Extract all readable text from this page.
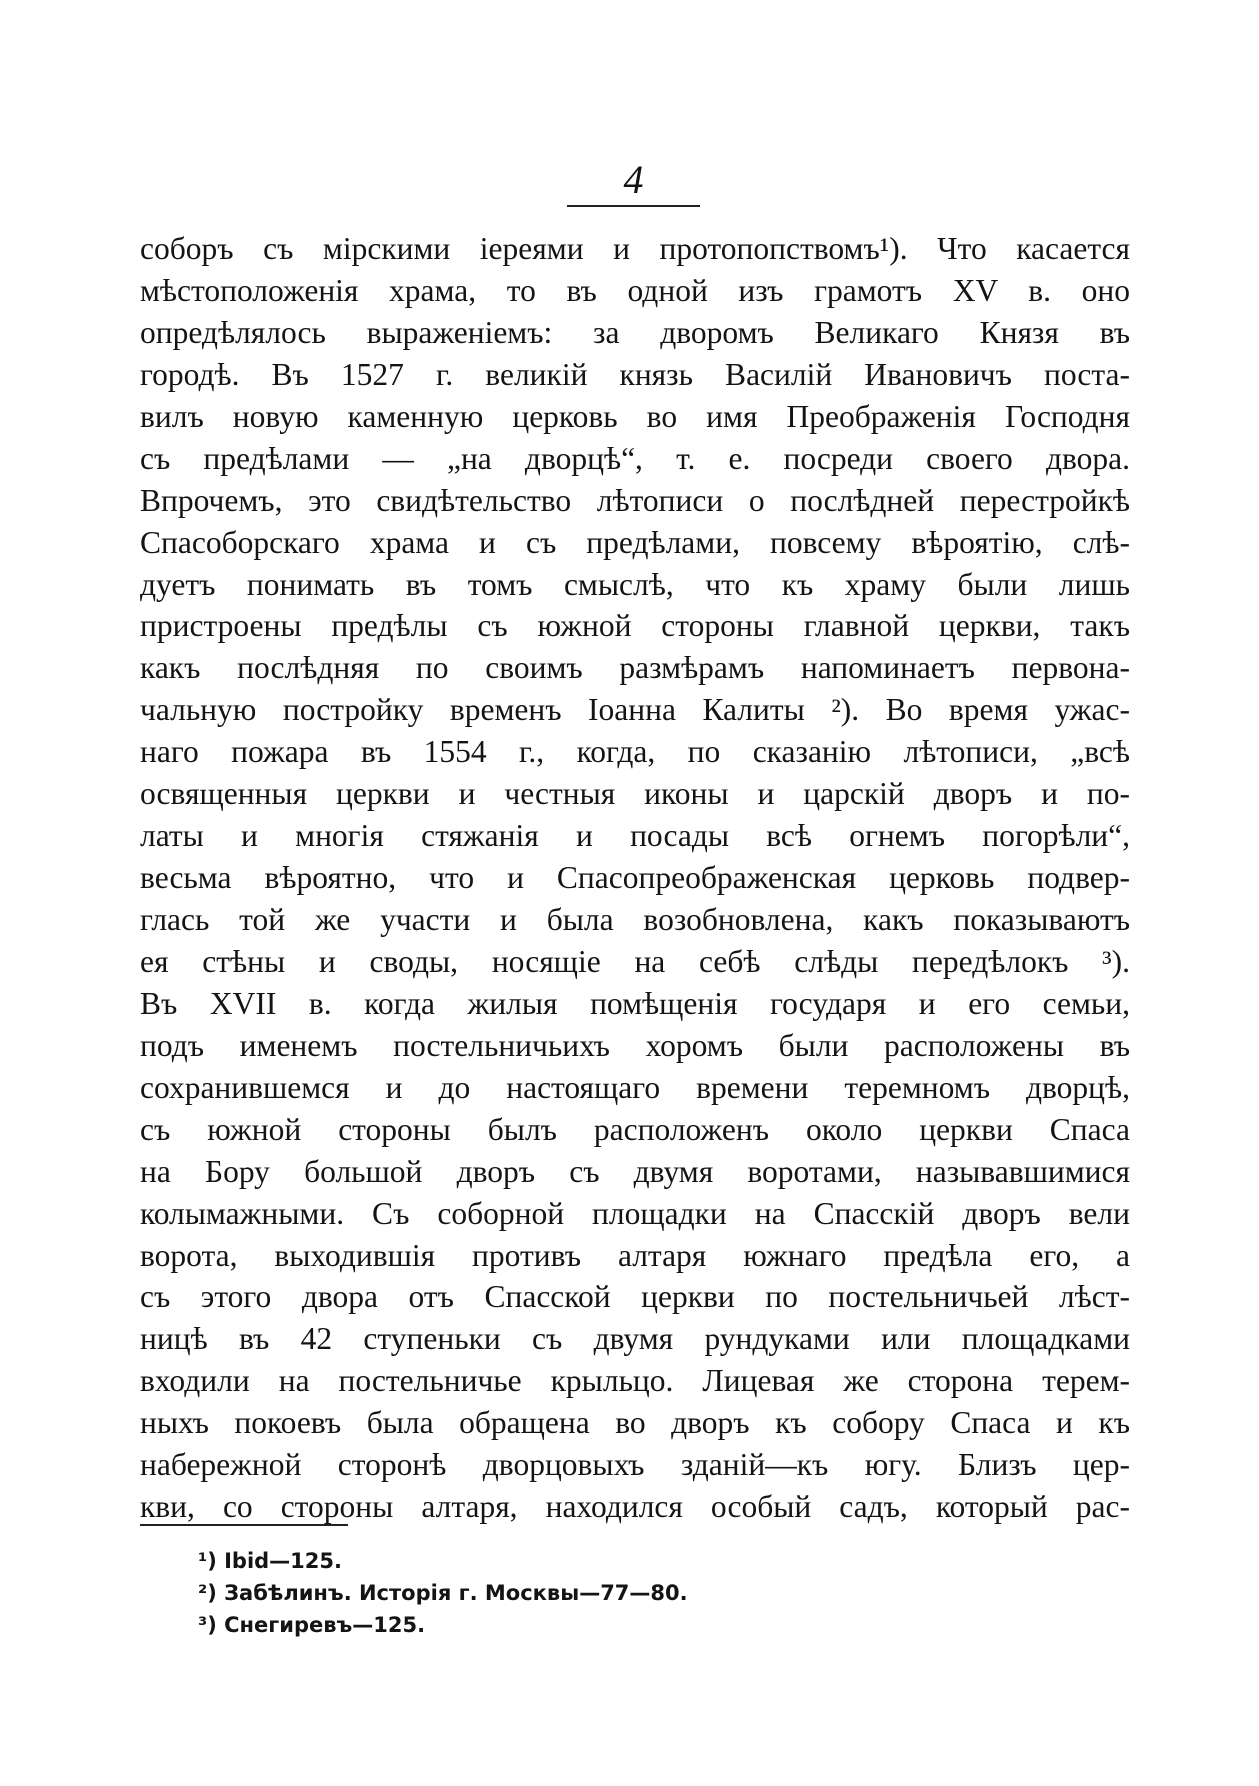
4
соборъ съ мірскими іереями и протопопствомъ¹). Что касается
мѣстоположенія храма, то въ одной изъ грамотъ XV в. оно
опредѣлялось выраженіемъ: за дворомъ Великаго Князя въ
городѣ. Въ 1527 г. великій князь Василій Ивановичъ поста-
вилъ новую каменную церковь во имя Преображенія Господня
съ предѣлами — „на дворцѣ“, т. е. посреди своего двора.
Впрочемъ, это свидѣтельство лѣтописи о послѣдней перестройкѣ
Спасоборскаго храма и съ предѣлами, повсему вѣроятію, слѣ-
дуетъ понимать въ томъ смыслѣ, что къ храму были лишь
пристроены предѣлы съ южной стороны главной церкви, такъ
какъ послѣдняя по своимъ размѣрамъ напоминаетъ первона-
чальную постройку временъ Іоанна Калиты ²). Во время ужас-
наго пожара въ 1554 г., когда, по сказанію лѣтописи, „всѣ
освященныя церкви и честныя иконы и царскій дворъ и по-
латы и многія стяжанія и посады всѣ огнемъ погорѣли“,
весьма вѣроятно, что и Спасопреображенская церковь подвер-
глась той же участи и была возобновлена, какъ показываютъ
ея стѣны и своды, носящіе на себѣ слѣды передѣлокъ ³).
Въ XVII в. когда жилыя помѣщенія государя и его семьи,
подъ именемъ постельничьихъ хоромъ были расположены въ
сохранившемся и до настоящаго времени теремномъ дворцѣ,
съ южной стороны былъ расположенъ около церкви Спаса
на Бору большой дворъ съ двумя воротами, называвшимися
колымажными. Съ соборной площадки на Спасскій дворъ вели
ворота, выходившія противъ алтаря южнаго предѣла его, а
съ этого двора отъ Спасской церкви по постельничьей лѣст-
ницѣ въ 42 ступеньки съ двумя рундуками или площадками
входили на постельничье крыльцо. Лицевая же сторона терем-
ныхъ покоевъ была обращена во дворъ къ собору Спаса и къ
набережной сторонѣ дворцовыхъ зданій—къ югу. Близъ цер-
кви, со стороны алтаря, находился особый садъ, который рас-
¹) Ibid—125.
²) Забѣлинъ. Исторія г. Москвы—77—80.
³) Снегиревъ—125.
